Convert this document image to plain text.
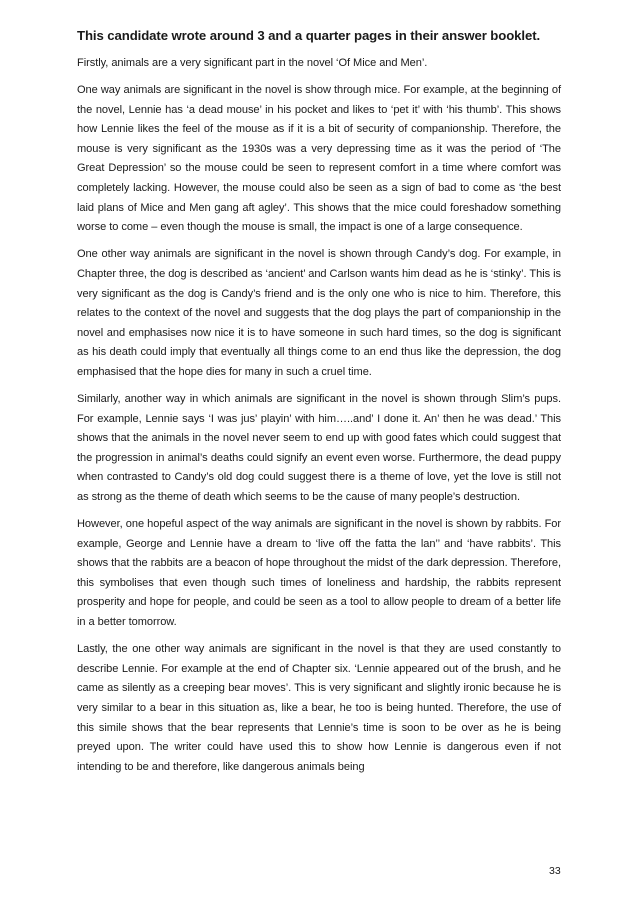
This candidate wrote around 3 and a quarter pages in their answer booklet.

Firstly, animals are a very significant part in the novel ‘Of Mice and Men’.

One way animals are significant in the novel is show through mice. For example, at the beginning of the novel, Lennie has ‘a dead mouse’ in his pocket and likes to ‘pet it’ with ‘his thumb’. This shows how Lennie likes the feel of the mouse as if it is a bit of security of companionship. Therefore, the mouse is very significant as the 1930s was a very depressing time as it was the period of ‘The Great Depression’ so the mouse could be seen to represent comfort in a time where comfort was completely lacking. However, the mouse could also be seen as a sign of bad to come as ‘the best laid plans of Mice and Men gang aft agley’. This shows that the mice could foreshadow something worse to come – even though the mouse is small, the impact is one of a large consequence.

One other way animals are significant in the novel is shown through Candy’s dog. For example, in Chapter three, the dog is described as ‘ancient’ and Carlson wants him dead as he is ‘stinky’. This is very significant as the dog is Candy’s friend and is the only one who is nice to him. Therefore, this relates to the context of the novel and suggests that the dog plays the part of companionship in the novel and emphasises now nice it is to have someone in such hard times, so the dog is significant as his death could imply that eventually all things come to an end thus like the depression, the dog emphasised that the hope dies for many in such a cruel time.

Similarly, another way in which animals are significant in the novel is shown through Slim’s pups. For example, Lennie says ‘I was jus’ playin’ with him…..and’ I done it. An’ then he was dead.’ This shows that the animals in the novel never seem to end up with good fates which could suggest that the progression in animal’s deaths could signify an event even worse. Furthermore, the dead puppy when contrasted to Candy’s old dog could suggest there is a theme of love, yet the love is still not as strong as the theme of death which seems to be the cause of many people’s destruction.

However, one hopeful aspect of the way animals are significant in the novel is shown by rabbits. For example, George and Lennie have a dream to ‘live off the fatta the lan’’ and ‘have rabbits’. This shows that the rabbits are a beacon of hope throughout the midst of the dark depression. Therefore, this symbolises that even though such times of loneliness and hardship, the rabbits represent prosperity and hope for people, and could be seen as a tool to allow people to dream of a better life in a better tomorrow.

Lastly, the one other way animals are significant in the novel is that they are used constantly to describe Lennie. For example at the end of Chapter six. ‘Lennie appeared out of the brush, and he came as silently as a creeping bear moves’. This is very significant and slightly ironic because he is very similar to a bear in this situation as, like a bear, he too is being hunted. Therefore, the use of this simile shows that the bear represents that Lennie’s time is soon to be over as he is being preyed upon. The writer could have used this to show how Lennie is dangerous even if not intending to be and therefore, like dangerous animals being

33
